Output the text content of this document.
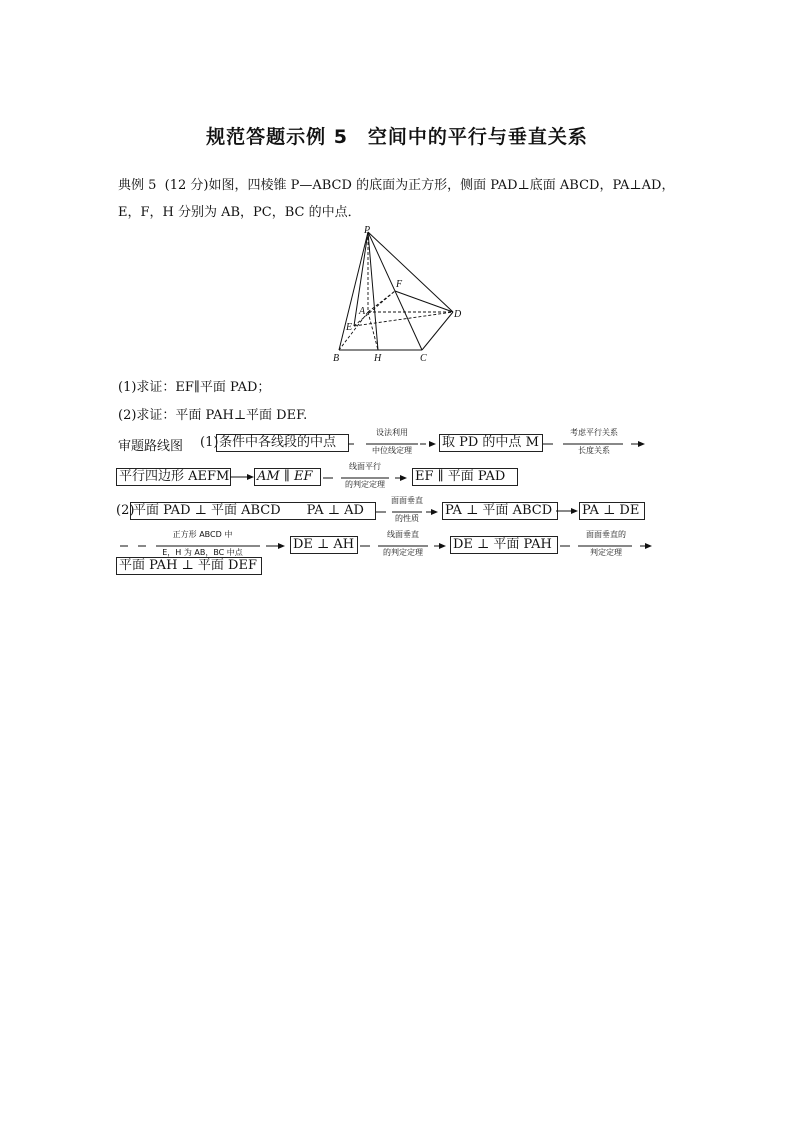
规范答题示例 5　空间中的平行与垂直关系
典例 5 (12 分)如图，四棱锥 P—ABCD 的底面为正方形，侧面 PAD⊥底面 ABCD，PA⊥AD，
E，F，H 分别为 AB，PC，BC 的中点．
P
F
A	D
E
B	H	C
(1)求证：EF∥平面 PAD；
(2)求证：平面 PAH⊥平面 DEF.
审题路线图 (1) 条件中各线段的中点
设法利用
中位线定理
取 PD 的中点 M
考虑平行关系
长度关系
平行四边形 AEFM AM ∥ EF
线面平行
的判定定理
EF ∥ 平面 PAD
(2)
平面 PAD ⊥ 平面 ABCD　　PA ⊥ AD
面面垂直
的性质
PA ⊥ 平面 ABCD	PA ⊥ DE
正方形 ABCD 中
E，H 为 AB，BC 中点
DE ⊥ AH
线面垂直
的判定定理
DE ⊥ 平面 PAH
面面垂直的
判定定理
平面 PAH ⊥ 平面 DEF
